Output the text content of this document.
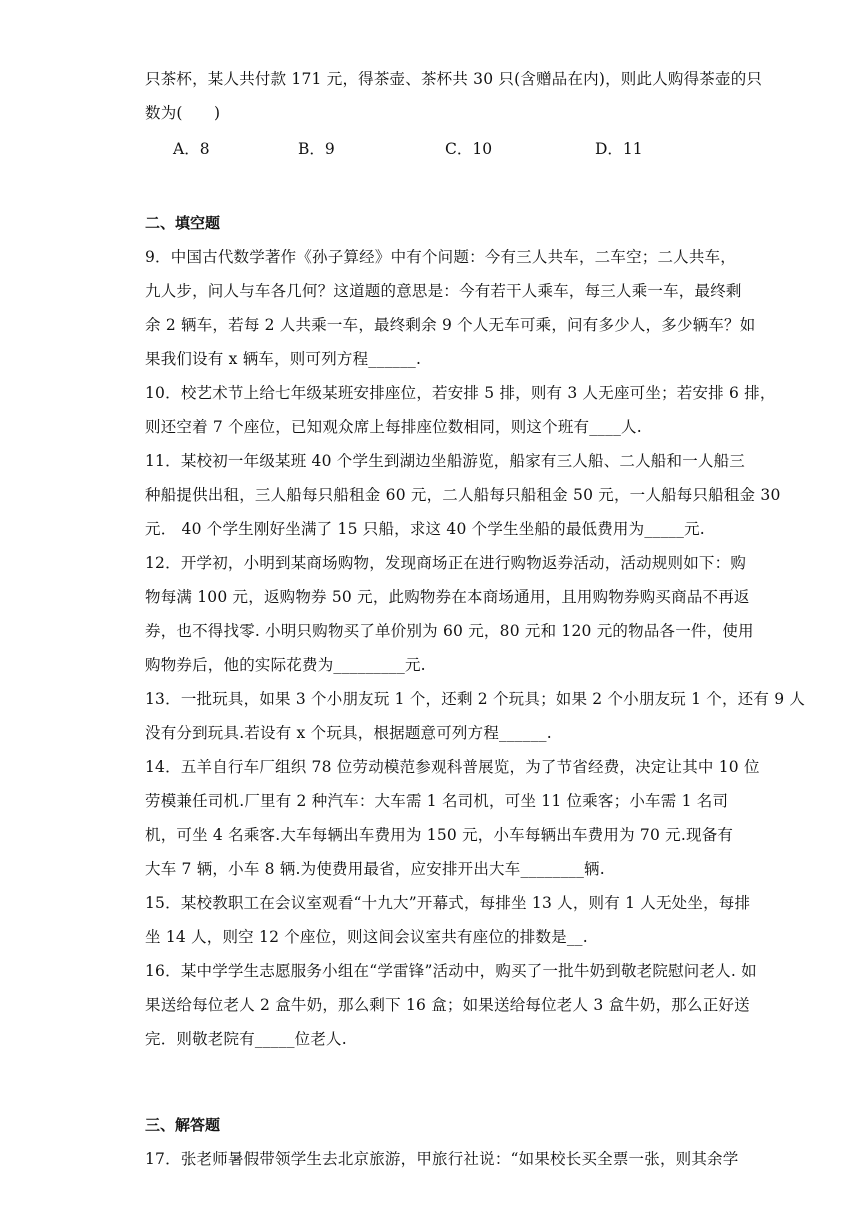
只茶杯，某人共付款 171 元，得茶壶、茶杯共 30 只(含赠品在内)，则此人购得茶壶的只
数为(　　)
A．8	B．9	C．10	D．11
二、填空题
9．中国古代数学著作《孙子算经》中有个问题：今有三人共车，二车空；二人共车，
九人步，问人与车各几何？这道题的意思是：今有若干人乘车，每三人乘一车，最终剩
余 2 辆车，若每 2 人共乘一车，最终剩余 9 个人无车可乘，问有多少人，多少辆车？如
果我们设有 x 辆车，则可列方程______.
10．校艺术节上给七年级某班安排座位，若安排 5 排，则有 3 人无座可坐；若安排 6 排，
则还空着 7 个座位，已知观众席上每排座位数相同，则这个班有____人.
11．某校初一年级某班 40 个学生到湖边坐船游览，船家有三人船、二人船和一人船三
种船提供出租，三人船每只船租金 60 元，二人船每只船租金 50 元，一人船每只船租金 30
元． 40 个学生刚好坐满了 15 只船，求这 40 个学生坐船的最低费用为_____元.
12．开学初，小明到某商场购物，发现商场正在进行购物返券活动，活动规则如下：购
物每满 100 元，返购物券 50 元，此购物券在本商场通用，且用购物券购买商品不再返
券，也不得找零. 小明只购物买了单价别为 60 元，80 元和 120 元的物品各一件，使用
购物券后，他的实际花费为_________元.
13．一批玩具，如果 3 个小朋友玩 1 个，还剩 2 个玩具；如果 2 个小朋友玩 1 个，还有 9 人
没有分到玩具.若设有 x 个玩具，根据题意可列方程______.
14．五羊自行车厂组织 78 位劳动模范参观科普展览，为了节省经费，决定让其中 10 位
劳模兼任司机.厂里有 2 种汽车：大车需 1 名司机，可坐 11 位乘客；小车需 1 名司
机，可坐 4 名乘客.大车每辆出车费用为 150 元，小车每辆出车费用为 70 元.现备有
大车 7 辆，小车 8 辆.为使费用最省，应安排开出大车________辆.
15．某校教职工在会议室观看“十九大”开幕式，每排坐 13 人，则有 1 人无处坐，每排
坐 14 人，则空 12 个座位，则这间会议室共有座位的排数是__.
16．某中学学生志愿服务小组在“学雷锋”活动中，购买了一批牛奶到敬老院慰问老人. 如
果送给每位老人 2 盒牛奶，那么剩下 16 盒；如果送给每位老人 3 盒牛奶，那么正好送
完．则敬老院有_____位老人.
三、解答题
17．张老师暑假带领学生去北京旅游，甲旅行社说：“如果校长买全票一张，则其余学
